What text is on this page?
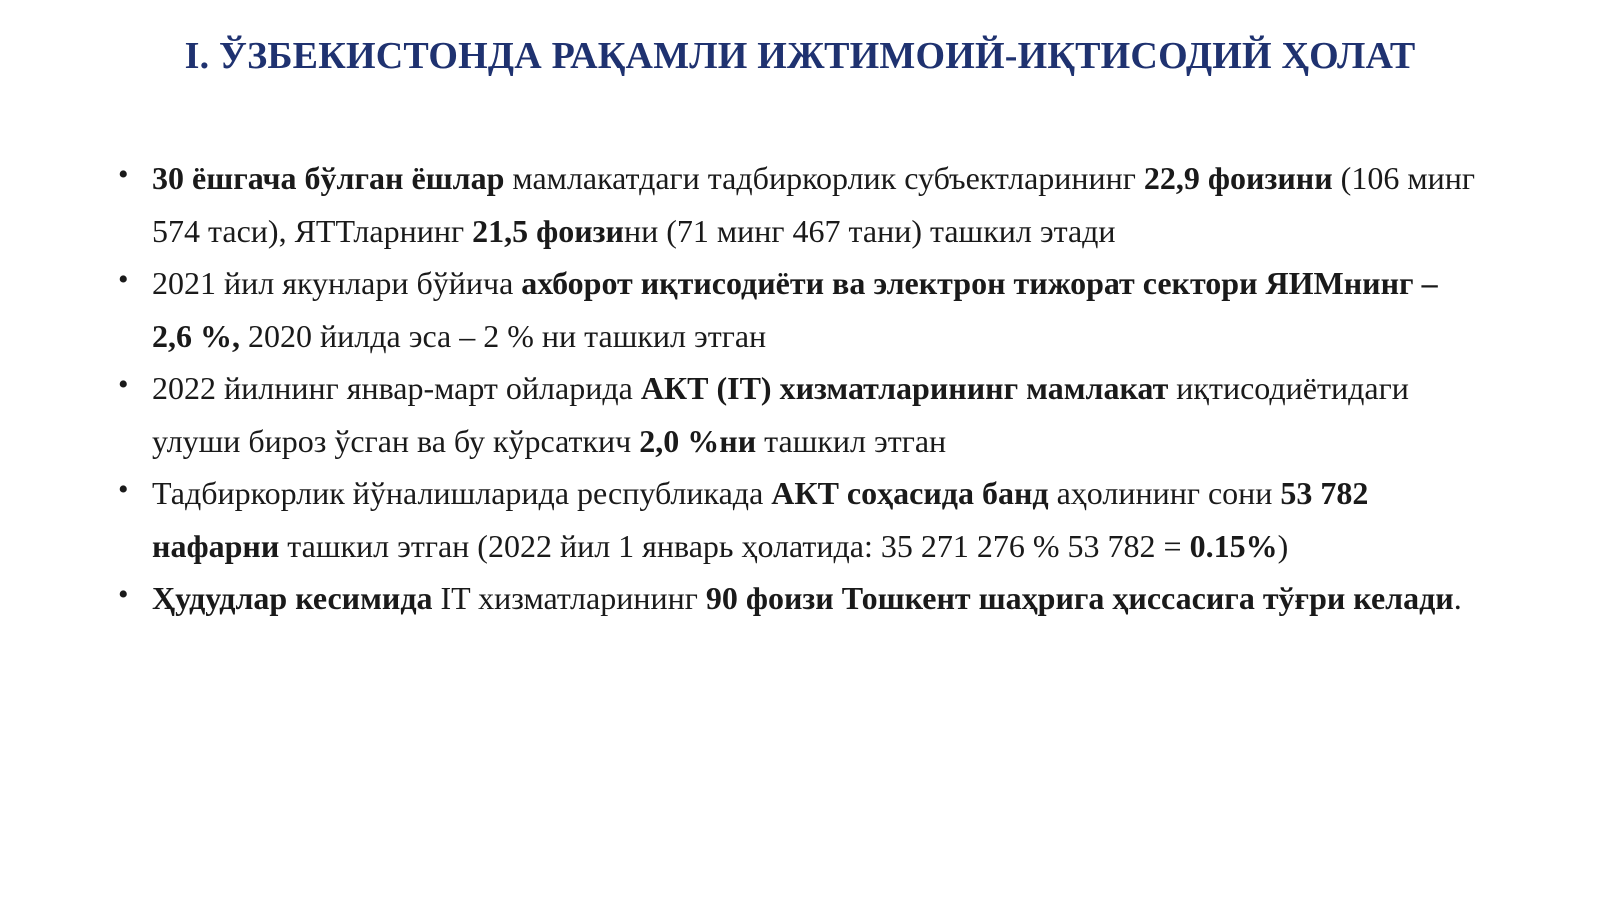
I. ЎЗБЕКИСТОНДА РАҚАМЛИ ИЖТИМОИЙ-ИҚТИСОДИЙ ҲОЛАТ
• 30 ёшгача бўлган ёшлар мамлакатдаги тадбиркорлик субъектларининг 22,9 фоизини (106 минг 574 таси), ЯТТларнинг 21,5 фоизини (71 минг 467 тани) ташкил этади
• 2021 йил якунлари бўйича ахборот иқтисодиёти ва электрон тижорат сектори ЯИМнинг – 2,6 %, 2020 йилда эса – 2 % ни ташкил этган
• 2022 йилнинг январ-март ойларида АКТ (IT) хизматларининг мамлакат иқтисодиётидаги улуши бироз ўсган ва бу кўрсаткич 2,0 %ни ташкил этган
• Тадбиркорлик йўналишларида республикада АКТ соҳасида банд аҳолининг сони 53 782 нафарни ташкил этган (2022 йил 1 январь ҳолатида: 35 271 276 % 53 782 = 0.15%)
• Ҳудудлар кесимида IT хизматларининг 90 фоизи Тошкент шаҳрига ҳиссасига тўғри келади.
